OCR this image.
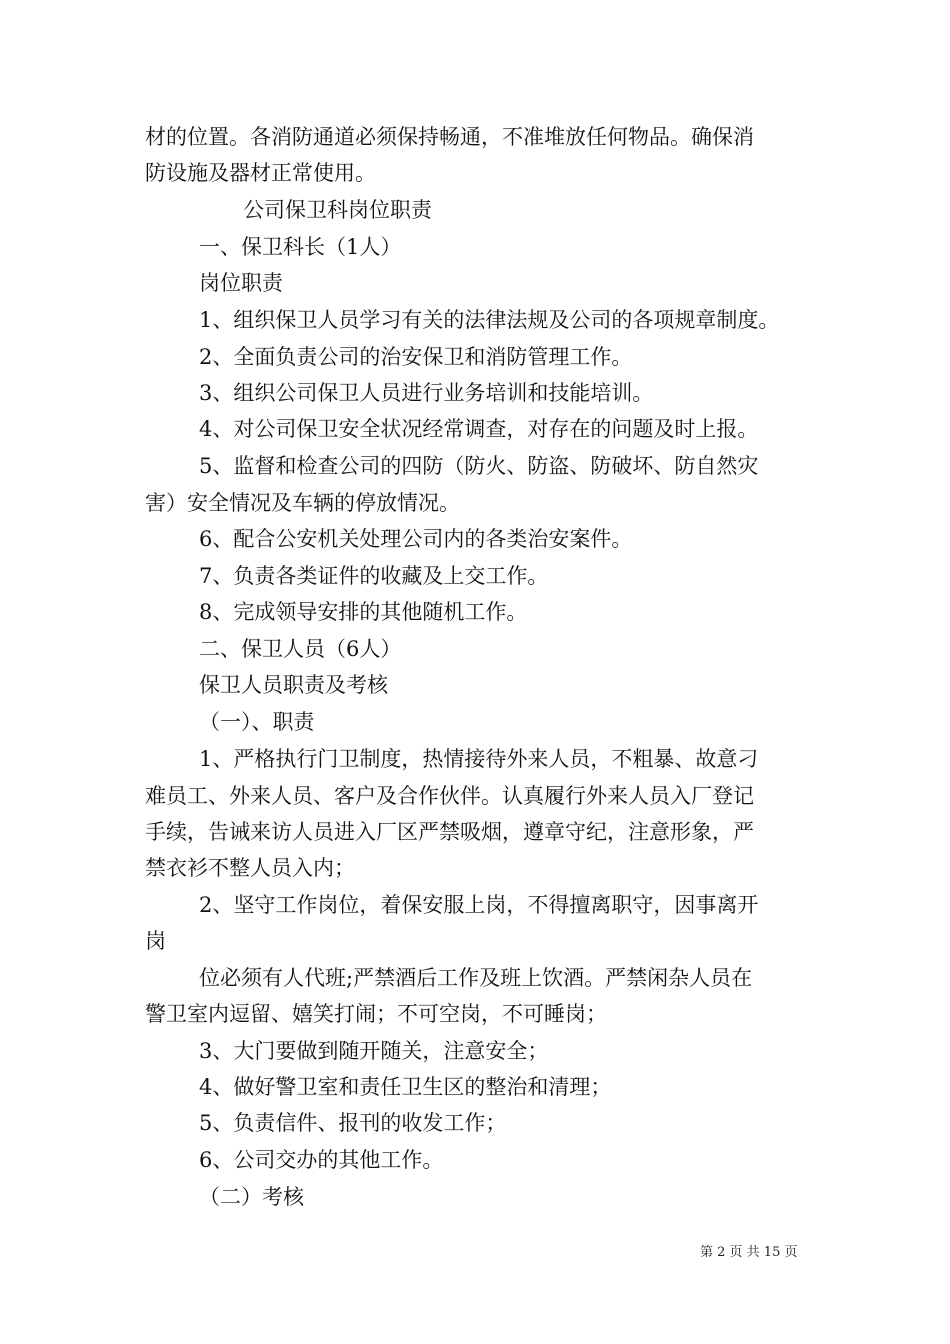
材的位置。各消防通道必须保持畅通，不准堆放任何物品。确保消
防设施及器材正常使用。
公司保卫科岗位职责
一、保卫科长（1人）
岗位职责
1、组织保卫人员学习有关的法律法规及公司的各项规章制度。
2、全面负责公司的治安保卫和消防管理工作。
3、组织公司保卫人员进行业务培训和技能培训。
4、对公司保卫安全状况经常调查，对存在的问题及时上报。
5、监督和检查公司的四防（防火、防盗、防破坏、防自然灾
害）安全情况及车辆的停放情况。
6、配合公安机关处理公司内的各类治安案件。
7、负责各类证件的收藏及上交工作。
8、完成领导安排的其他随机工作。
二、保卫人员（6人）
保卫人员职责及考核
（一）、职责
1、严格执行门卫制度，热情接待外来人员，不粗暴、故意刁
难员工、外来人员、客户及合作伙伴。认真履行外来人员入厂登记
手续，告诫来访人员进入厂区严禁吸烟，遵章守纪，注意形象，严
禁衣衫不整人员入内；
2、坚守工作岗位，着保安服上岗，不得擅离职守，因事离开
岗
位必须有人代班;严禁酒后工作及班上饮酒。严禁闲杂人员在
警卫室内逗留、嬉笑打闹；不可空岗，不可睡岗；
3、大门要做到随开随关，注意安全；
4、做好警卫室和责任卫生区的整治和清理；
5、负责信件、报刊的收发工作；
6、公司交办的其他工作。
（二）考核
第 2 页 共 15 页
